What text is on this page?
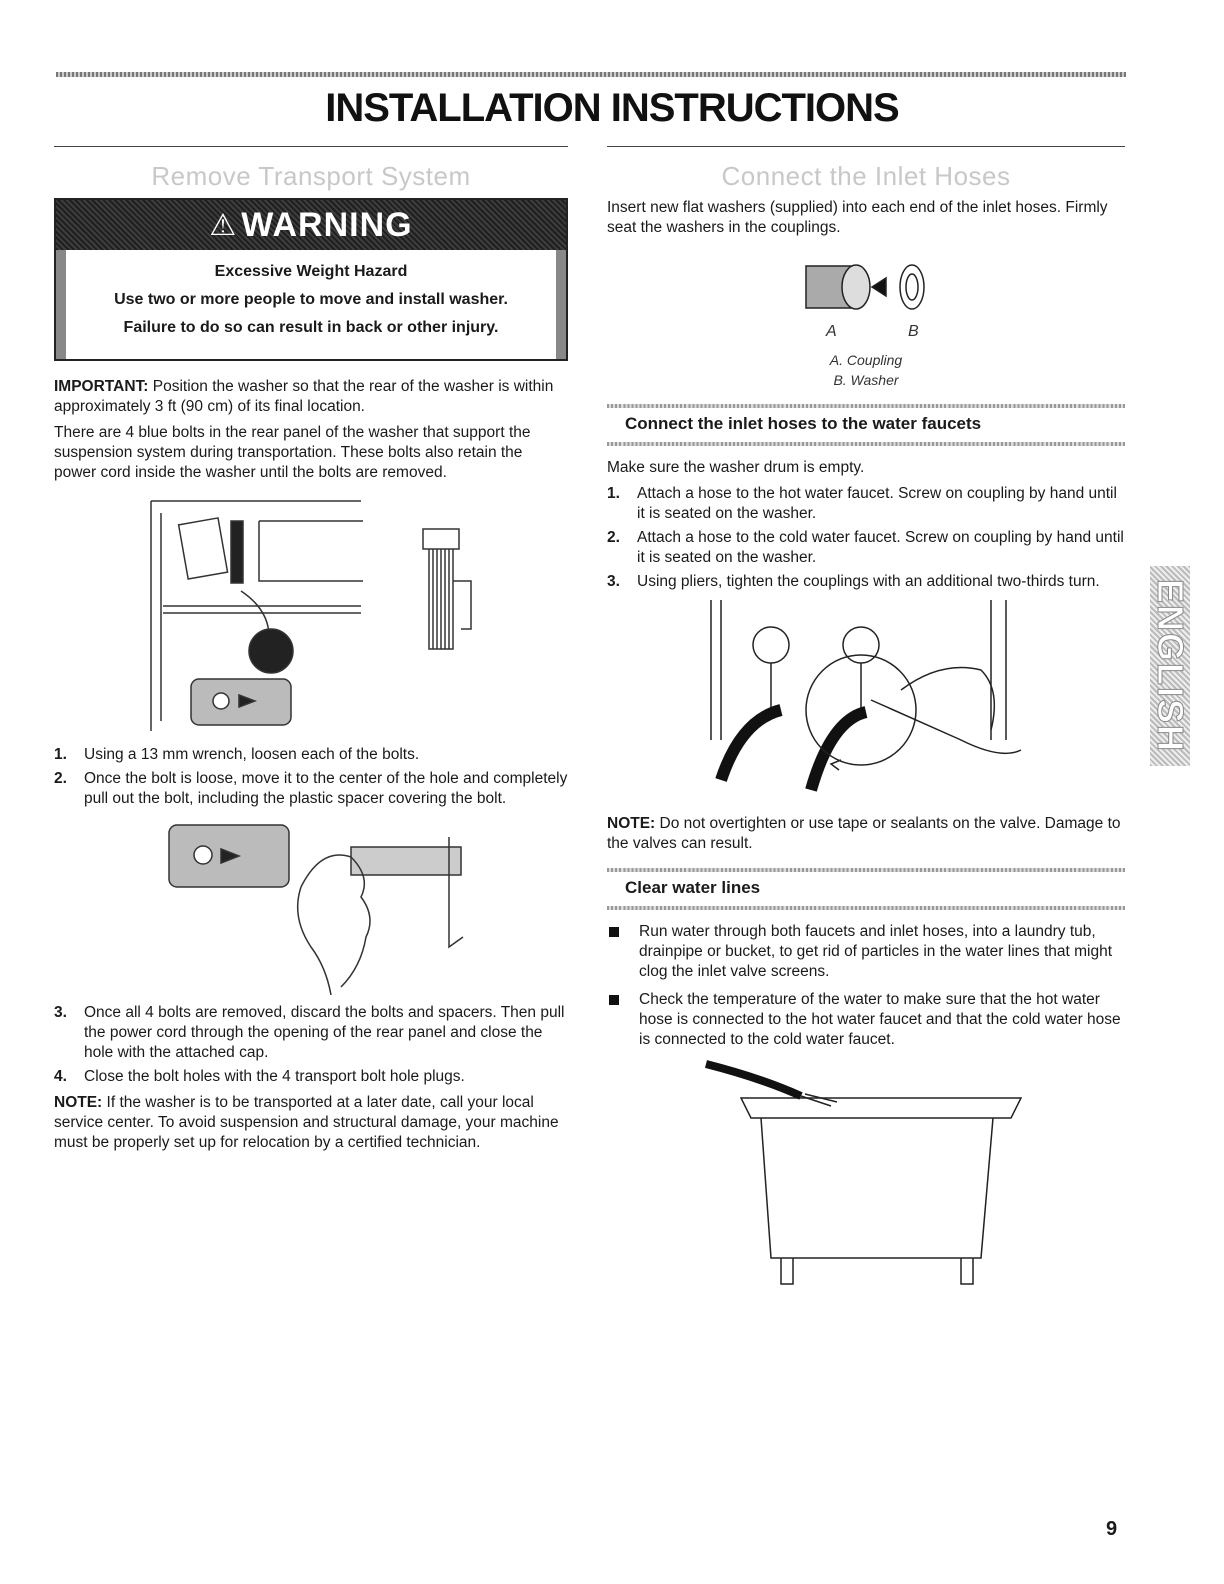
INSTALLATION INSTRUCTIONS
Remove Transport System
⚠ WARNING
Excessive Weight Hazard
Use two or more people to move and install washer.
Failure to do so can result in back or other injury.

IMPORTANT: Position the washer so that the rear of the washer is within approximately 3 ft (90 cm) of its final location.

There are 4 blue bolts in the rear panel of the washer that support the suspension system during transportation. These bolts also retain the power cord inside the washer until the bolts are removed.

1.	Using a 13 mm wrench, loosen each of the bolts.
2.	Once the bolt is loose, move it to the center of the hole and completely pull out the bolt, including the plastic spacer covering the bolt.
3.	Once all 4 bolts are removed, discard the bolts and spacers. Then pull the power cord through the opening of the rear panel and close the hole with the attached cap.
4.	Close the bolt holes with the 4 transport bolt hole plugs.

NOTE: If the washer is to be transported at a later date, call your local service center. To avoid suspension and structural damage, your machine must be properly set up for relocation by a certified technician.

Connect the Inlet Hoses

Insert new flat washers (supplied) into each end of the inlet hoses. Firmly seat the washers in the couplings.

A	B
A. Coupling
B. Washer
Connect the inlet hoses to the water faucets

Make sure the washer drum is empty.

1.	Attach a hose to the hot water faucet. Screw on coupling by hand until it is seated on the washer.
2.	Attach a hose to the cold water faucet. Screw on coupling by hand until it is seated on the washer.
3.	Using pliers, tighten the couplings with an additional two-thirds turn.

NOTE: Do not overtighten or use tape or sealants on the valve. Damage to the valves can result.

Clear water lines
Run water through both faucets and inlet hoses, into a laundry tub, drainpipe or bucket, to get rid of particles in the water lines that might clog the inlet valve screens.
Check the temperature of the water to make sure that the hot water hose is connected to the hot water faucet and that the cold water hose is connected to the cold water faucet.
ENGLISH
9
